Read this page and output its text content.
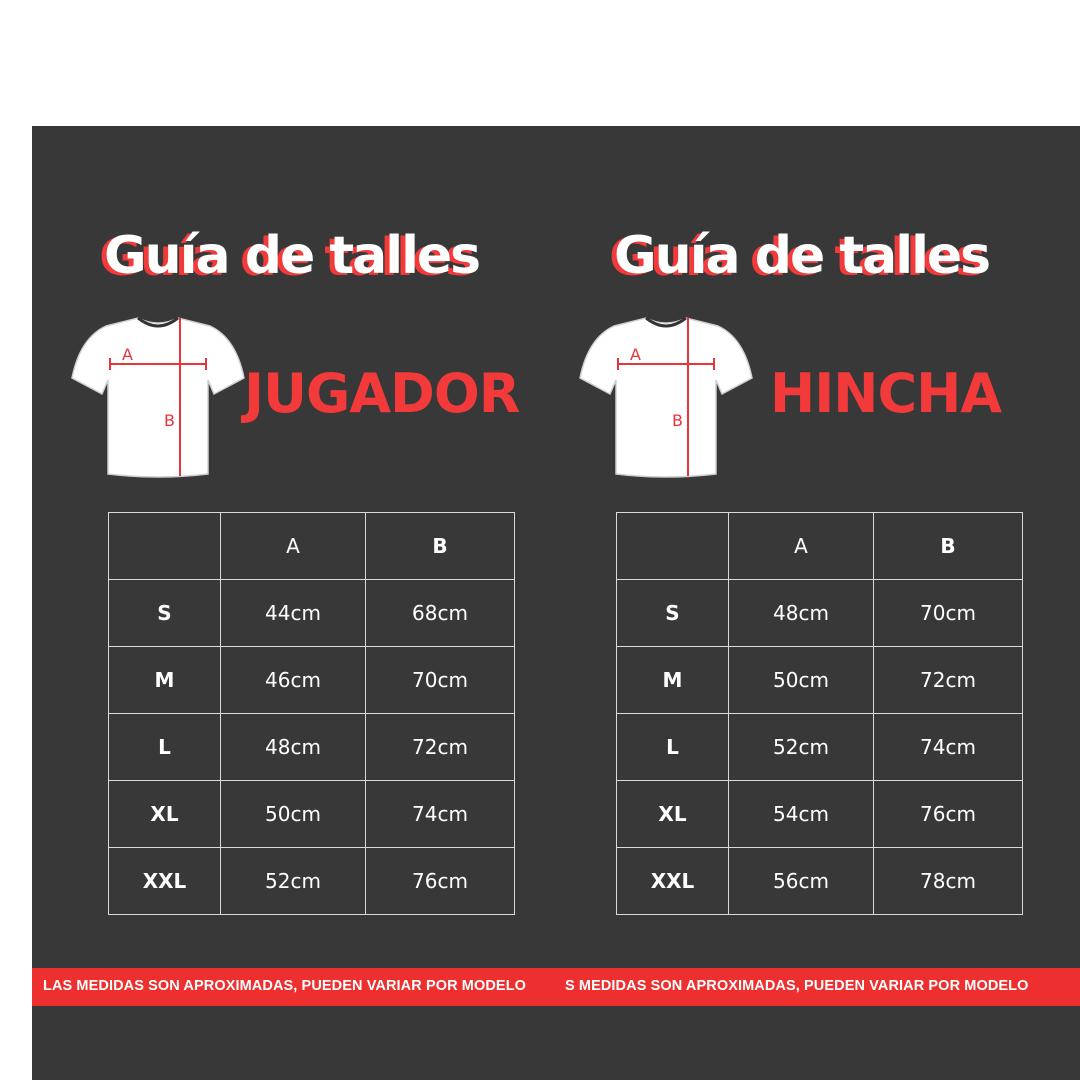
Guía de talles	Guía de talles
A
B
A
B
JUGADOR	HINCHA
	A	B
S	44cm	68cm
M	46cm	70cm
L	48cm	72cm
XL	50cm	74cm
XXL	52cm	76cm
	A	B
S	48cm	70cm
M	50cm	72cm
L	52cm	74cm
XL	54cm	76cm
XXL	56cm	78cm
LAS MEDIDAS SON APROXIMADAS, PUEDEN VARIAR POR MODELO	S MEDIDAS SON APROXIMADAS, PUEDEN VARIAR POR MODELO
